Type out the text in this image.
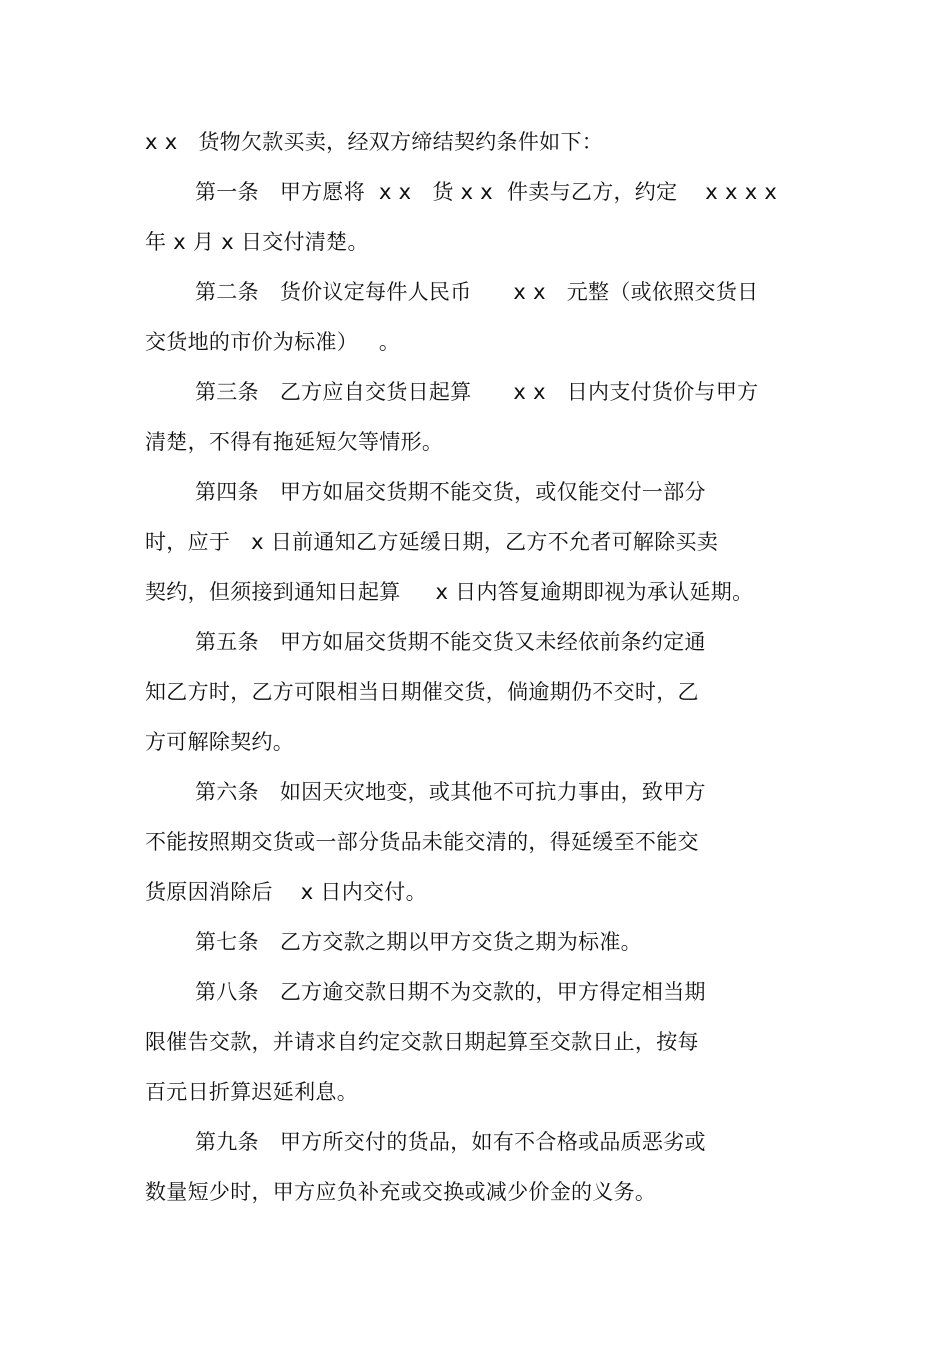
x x   货物欠款买卖，经双方缔结契约条件如下：
第一条   甲方愿将  x x   货 x x  件卖与乙方，约定    x x x x
年 x 月 x 日交付清楚。
第二条   货价议定每件人民币      x x   元整（或依照交货日
交货地的市价为标准）   。
第三条   乙方应自交货日起算      x x   日内支付货价与甲方
清楚，不得有拖延短欠等情形。
第四条   甲方如届交货期不能交货，或仅能交付一部分
时，应于   x 日前通知乙方延缓日期，乙方不允者可解除买卖
契约，但须接到通知日起算     x 日内答复逾期即视为承认延期。
第五条   甲方如届交货期不能交货又未经依前条约定通
知乙方时，乙方可限相当日期催交货，倘逾期仍不交时，乙
方可解除契约。
第六条   如因天灾地变，或其他不可抗力事由，致甲方
不能按照期交货或一部分货品未能交清的，得延缓至不能交
货原因消除后    x 日内交付。
第七条   乙方交款之期以甲方交货之期为标准。
第八条   乙方逾交款日期不为交款的，甲方得定相当期
限催告交款，并请求自约定交款日期起算至交款日止，按每
百元日折算迟延利息。
第九条   甲方所交付的货品，如有不合格或品质恶劣或
数量短少时，甲方应负补充或交换或减少价金的义务。
